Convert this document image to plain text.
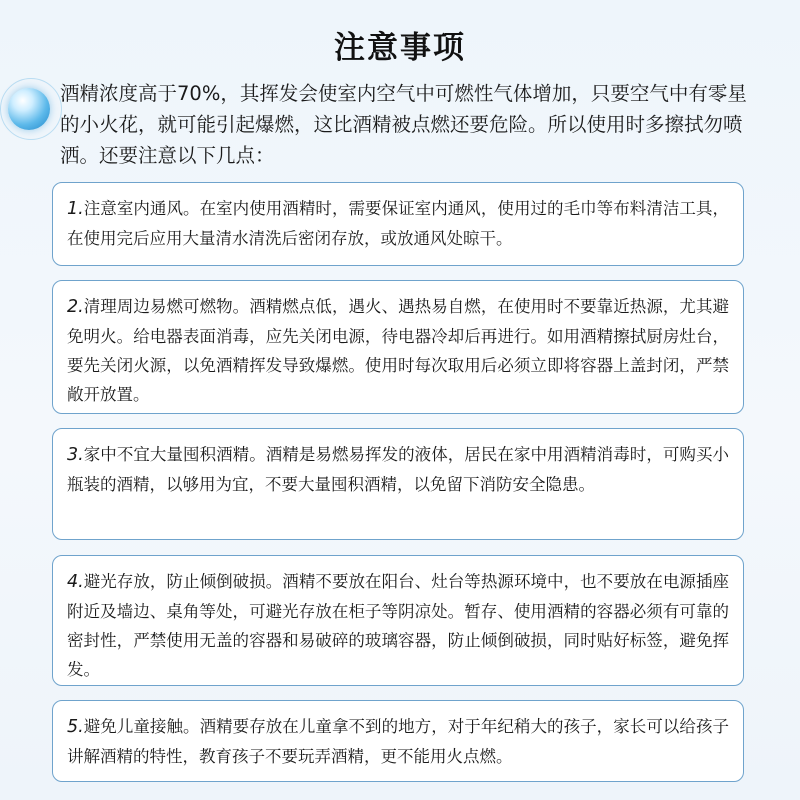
注意事项
酒精浓度高于70%，其挥发会使室内空气中可燃性气体增加，只要空气中有零星的小火花，就可能引起爆燃，这比酒精被点燃还要危险。所以使用时多擦拭勿喷洒。还要注意以下几点：
1.注意室内通风。在室内使用酒精时，需要保证室内通风，使用过的毛巾等布料清洁工具，在使用完后应用大量清水清洗后密闭存放，或放通风处晾干。
2.清理周边易燃可燃物。酒精燃点低，遇火、遇热易自燃，在使用时不要靠近热源，尤其避免明火。给电器表面消毒，应先关闭电源，待电器冷却后再进行。如用酒精擦拭厨房灶台，要先关闭火源，以免酒精挥发导致爆燃。使用时每次取用后必须立即将容器上盖封闭，严禁敞开放置。
3.家中不宜大量囤积酒精。酒精是易燃易挥发的液体，居民在家中用酒精消毒时，可购买小瓶装的酒精，以够用为宜，不要大量囤积酒精，以免留下消防安全隐患。
4.避光存放，防止倾倒破损。酒精不要放在阳台、灶台等热源环境中，也不要放在电源插座附近及墙边、桌角等处，可避光存放在柜子等阴凉处。暂存、使用酒精的容器必须有可靠的密封性，严禁使用无盖的容器和易破碎的玻璃容器，防止倾倒破损，同时贴好标签，避免挥发。
5.避免儿童接触。酒精要存放在儿童拿不到的地方，对于年纪稍大的孩子，家长可以给孩子讲解酒精的特性，教育孩子不要玩弄酒精，更不能用火点燃。
